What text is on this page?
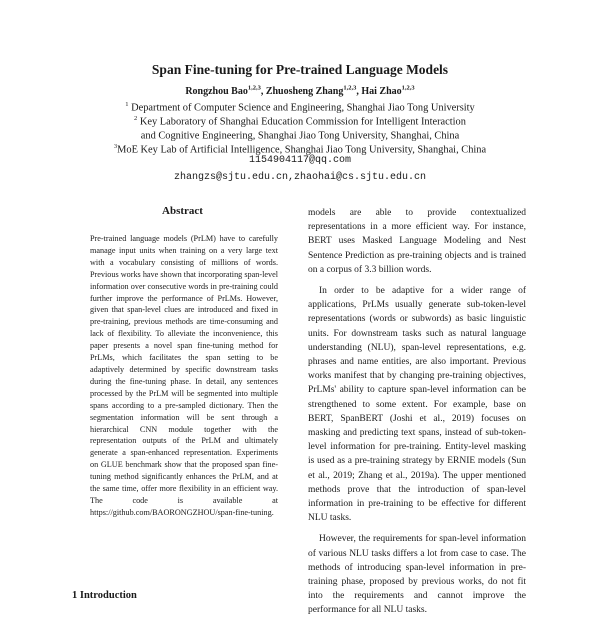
Span Fine-tuning for Pre-trained Language Models
Rongzhou Bao$^{1,2,3}$, Zhuosheng Zhang$^{1,2,3}$, Hai Zhao$^{1,2,3}$
$^1$ Department of Computer Science and Engineering, Shanghai Jiao Tong University
$^2$ Key Laboratory of Shanghai Education Commission for Intelligent Interaction
and Cognitive Engineering, Shanghai Jiao Tong University, Shanghai, China
$^3$MoE Key Lab of Artificial Intelligence, Shanghai Jiao Tong University, Shanghai, China
1154904117@qq.com
zhangzs@sjtu.edu.cn,zhaohai@cs.sjtu.edu.cn
Abstract
Pre-trained language models (PrLM) have to carefully manage input units when training on a very large text with a vocabulary consisting of millions of words. Previous works have shown that incorporating span-level information over consecutive words in pre-training could further improve the performance of PrLMs. However, given that span-level clues are introduced and fixed in pre-training, previous methods are time-consuming and lack of flexibility. To alleviate the inconvenience, this paper presents a novel span fine-tuning method for PrLMs, which facilitates the span setting to be adaptively determined by specific downstream tasks during the fine-tuning phase. In detail, any sentences processed by the PrLM will be segmented into multiple spans according to a pre-sampled dictionary. Then the segmentation information will be sent through a hierarchical CNN module together with the representation outputs of the PrLM and ultimately generate a span-enhanced representation. Experiments on GLUE benchmark show that the proposed span fine-tuning method significantly enhances the PrLM, and at the same time, offer more flexibility in an efficient way. The code is available at https://github.com/BAORONGZHOU/span-fine-tuning.

models are able to provide contextualized representations in a more efficient way. For instance, BERT uses Masked Language Modeling and Nest Sentence Prediction as pre-training objects and is trained on a corpus of 3.3 billion words.

In order to be adaptive for a wider range of applications, PrLMs usually generate sub-token-level representations (words or subwords) as basic linguistic units. For downstream tasks such as natural language understanding (NLU), span-level representations, e.g. phrases and name entities, are also important. Previous works manifest that by changing pre-training objectives, PrLMs' ability to capture span-level information can be strengthened to some extent. For example, base on BERT, SpanBERT (Joshi et al., 2019) focuses on masking and predicting text spans, instead of sub-token-level information for pre-training. Entity-level masking is used as a pre-training strategy by ERNIE models (Sun et al., 2019; Zhang et al., 2019a). The upper mentioned methods prove that the introduction of span-level information in pre-training to be effective for different NLU tasks.

However, the requirements for span-level information of various NLU tasks differs a lot from case to case. The methods of introducing span-level information in pre-training phase, proposed by previous works, do not fit into the requirements and cannot improve the performance for all NLU tasks.

1 Introduction
